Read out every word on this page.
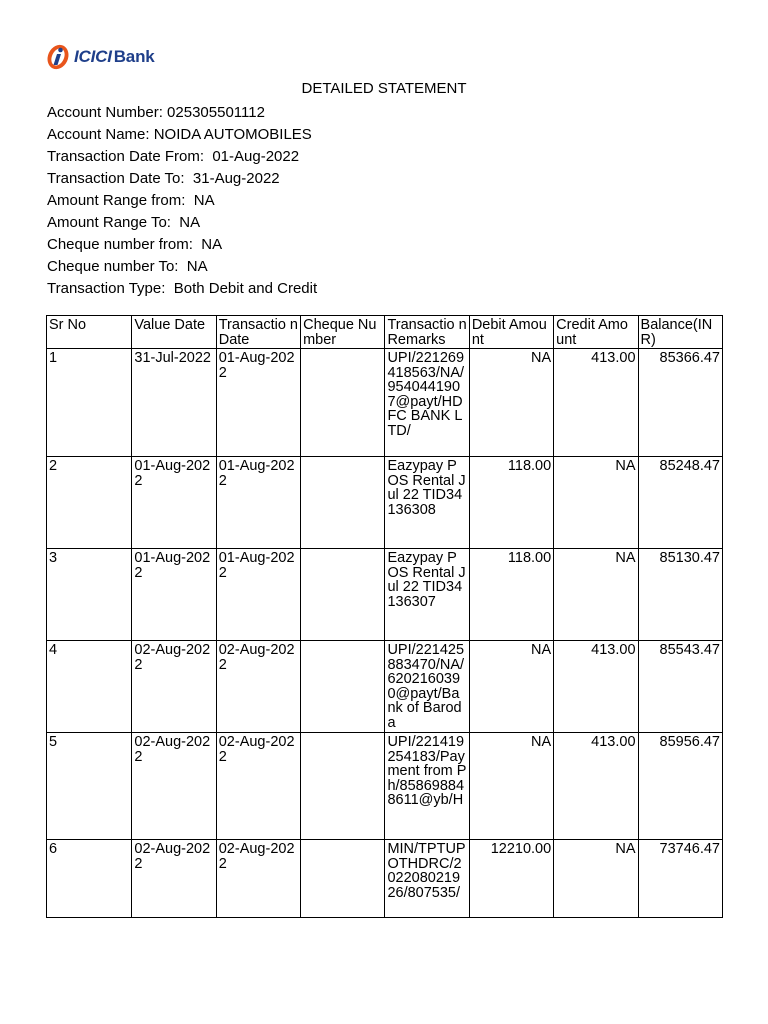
ICICI Bank
DETAILED STATEMENT
Account Number: 025305501112
Account Name: NOIDA AUTOMOBILES
Transaction Date From:  01-Aug-2022
Transaction Date To:  31-Aug-2022
Amount Range from:  NA
Amount Range To:  NA
Cheque number from:  NA
Cheque number To:  NA
Transaction Type:  Both Debit and Credit
Sr No	Value Date	Transactio n Date	Cheque Number	Transactio n Remarks	Debit Amount	Credit Amount	Balance(IN R)
1	31-Jul-2022	01-Aug-2022		UPI/221269418563/NA/9540441907@payt/HDFC BANK LTD/	NA	413.00	85366.47
2	01-Aug-2022	01-Aug-2022		Eazypay POS Rental Jul 22 TID34136308	118.00	NA	85248.47
3	01-Aug-2022	01-Aug-2022		Eazypay POS Rental Jul 22 TID34136307	118.00	NA	85130.47
4	02-Aug-2022	02-Aug-2022		UPI/221425883470/NA/6202160390@payt/Bank of Baroda	NA	413.00	85543.47
5	02-Aug-2022	02-Aug-2022		UPI/221419254183/Payment from Ph/858698848611@yb/H	NA	413.00	85956.47
6	02-Aug-2022	02-Aug-2022		MIN/TPTUPOTHDRC/202208021926/807535/	12210.00	NA	73746.47
